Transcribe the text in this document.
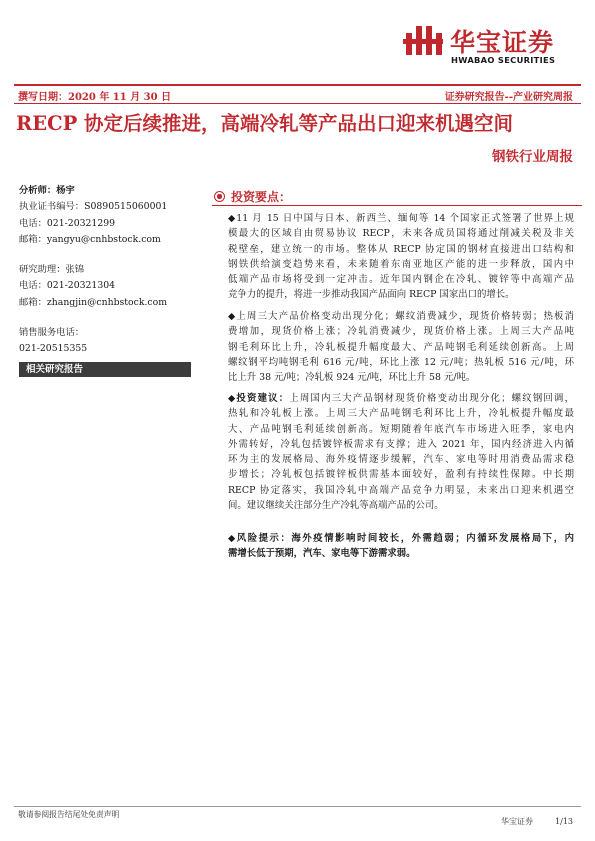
华宝证券
HWABAO SECURITIES
撰写日期：2020 年 11 月 30 日	证券研究报告--产业研究周报
RECP 协定后续推进，高端冷轧等产品出口迎来机遇空间
钢铁行业周报
分析师：杨宇
执业证书编号：S0890515060001
电话：021-20321299
邮箱：yangyu@cnhbstock.com
研究助理：张锦
电话：021-20321304
邮箱：zhangjin@cnhbstock.com
销售服务电话：
021-20515355
相关研究报告
投资要点：
◆11 月 15 日中国与日本、新西兰、缅甸等 14 个国家正式签署了世界上规
模最大的区域自由贸易协议 RECP，未来各成员国将通过削减关税及非关
税壁垒，建立统一的市场。整体从 RECP 协定国的钢材直接进出口结构和
钢铁供给演变趋势来看，未来随着东南亚地区产能的进一步释放，国内中
低端产品市场将受到一定冲击。近年国内钢企在冷轧、镀锌等中高端产品
竞争力的提升，将进一步推动我国产品面向 RECP 国家出口的增长。
◆上周三大产品价格变动出现分化；螺纹消费减少，现货价格转弱；热板消
费增加，现货价格上涨；冷轧消费减少，现货价格上涨。上周三大产品吨
钢毛利环比上升，冷轧板提升幅度最大、产品吨钢毛利延续创新高。上周
螺纹钢平均吨钢毛利 616 元/吨，环比上涨 12 元/吨；热轧板 516 元/吨，环
比上升 38 元/吨；冷轧板 924 元/吨，环比上升 58 元/吨。
◆投资建议：上周国内三大产品钢材现货价格变动出现分化；螺纹钢回调，
热轧和冷轧板上涨。上周三大产品吨钢毛利环比上升，冷轧板提升幅度最
大、产品吨钢毛利延续创新高。短期随着年底汽车市场进入旺季，家电内
外需转好，冷轧包括镀锌板需求有支撑；进入 2021 年，国内经济进入内循
环为主的发展格局、海外疫情逐步缓解，汽车、家电等时用消费品需求稳
步增长；冷轧板包括镀锌板供需基本面较好，盈利有持续性保障。中长期
RECP 协定落实，我国冷轧中高端产品竞争力明显，未来出口迎来机遇空
间。建议继续关注部分生产冷轧等高端产品的公司。
◆风险提示：海外疫情影响时间较长，外需趋弱；内循环发展格局下，内
需增长低于预期，汽车、家电等下游需求弱。
敬请参阅报告结尾处免责声明
华宝证券	1/13
